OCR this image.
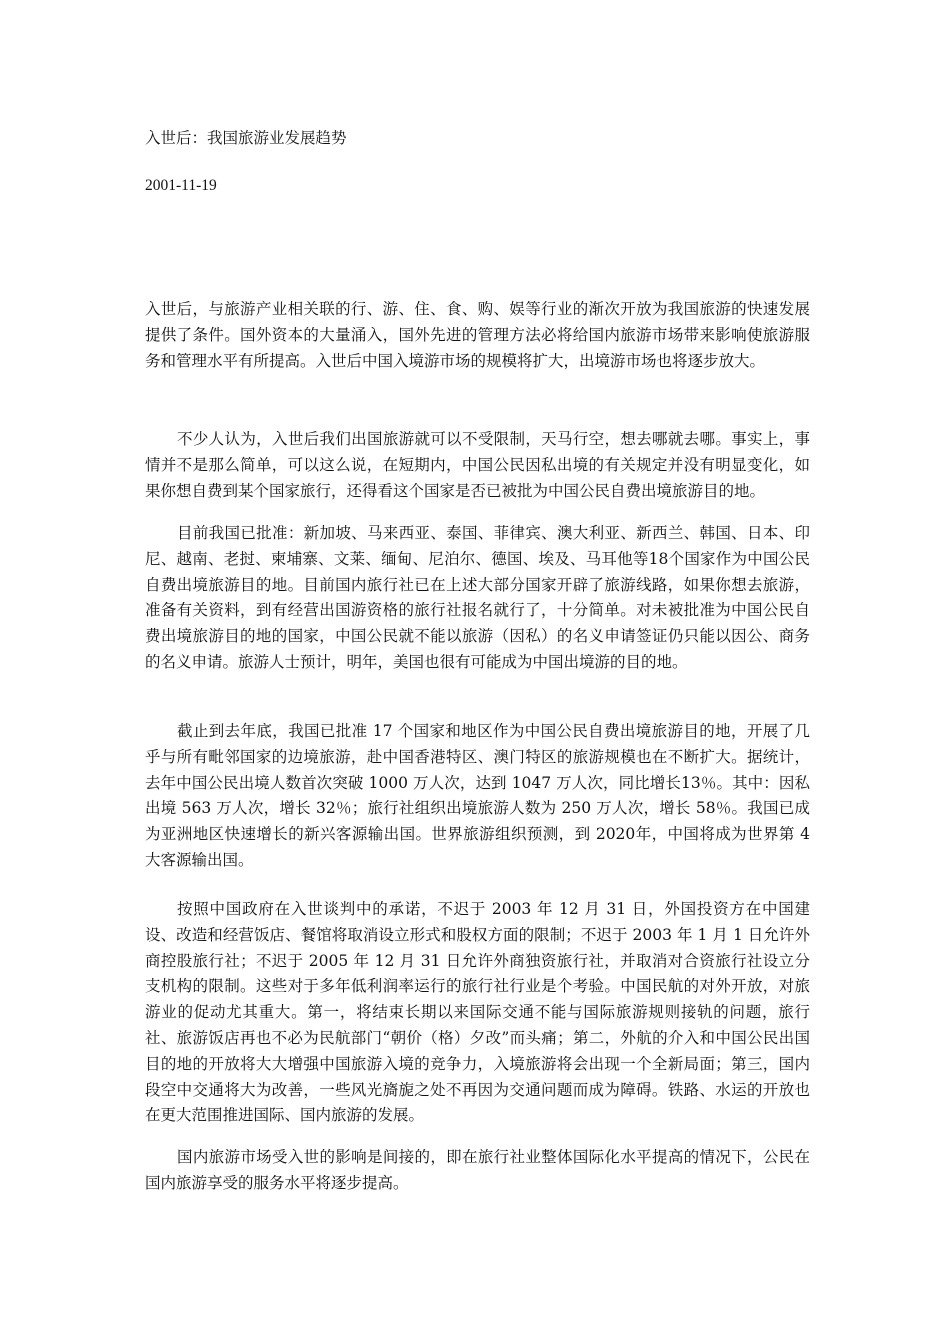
入世后：我国旅游业发展趋势

2001-11-19

入世后，与旅游产业相关联的行、游、住、食、购、娱等行业的渐次开放为我国旅游的快速发展提供了条件。国外资本的大量涌入，国外先进的管理方法必将给国内旅游市场带来影响使旅游服务和管理水平有所提高。入世后中国入境游市场的规模将扩大，出境游市场也将逐步放大。

不少人认为，入世后我们出国旅游就可以不受限制，天马行空，想去哪就去哪。事实上，事情并不是那么简单，可以这么说，在短期内，中国公民因私出境的有关规定并没有明显变化，如果你想自费到某个国家旅行，还得看这个国家是否已被批为中国公民自费出境旅游目的地。

目前我国已批准：新加坡、马来西亚、泰国、菲律宾、澳大利亚、新西兰、韩国、日本、印尼、越南、老挝、柬埔寨、文莱、缅甸、尼泊尔、德国、埃及、马耳他等18个国家作为中国公民自费出境旅游目的地。目前国内旅行社已在上述大部分国家开辟了旅游线路，如果你想去旅游，准备有关资料，到有经营出国游资格的旅行社报名就行了，十分简单。对未被批准为中国公民自费出境旅游目的地的国家，中国公民就不能以旅游（因私）的名义申请签证仍只能以因公、商务的名义申请。旅游人士预计，明年，美国也很有可能成为中国出境游的目的地。

截止到去年底，我国已批准 17 个国家和地区作为中国公民自费出境旅游目的地，开展了几乎与所有毗邻国家的边境旅游，赴中国香港特区、澳门特区的旅游规模也在不断扩大。据统计，去年中国公民出境人数首次突破 1000 万人次，达到 1047 万人次，同比增长13％。其中：因私出境 563 万人次，增长 32％；旅行社组织出境旅游人数为 250 万人次，增长 58％。我国已成为亚洲地区快速增长的新兴客源输出国。世界旅游组织预测，到 2020年，中国将成为世界第 4 大客源输出国。

按照中国政府在入世谈判中的承诺，不迟于 2003 年 12 月 31 日，外国投资方在中国建设、改造和经营饭店、餐馆将取消设立形式和股权方面的限制；不迟于 2003 年 1 月 1 日允许外商控股旅行社；不迟于 2005 年 12 月 31 日允许外商独资旅行社，并取消对合资旅行社设立分支机构的限制。这些对于多年低利润率运行的旅行社行业是个考验。中国民航的对外开放，对旅游业的促动尤其重大。第一，将结束长期以来国际交通不能与国际旅游规则接轨的问题，旅行社、旅游饭店再也不必为民航部门“朝价（格）夕改”而头痛；第二，外航的介入和中国公民出国目的地的开放将大大增强中国旅游入境的竞争力，入境旅游将会出现一个全新局面；第三，国内段空中交通将大为改善，一些风光旖旎之处不再因为交通问题而成为障碍。铁路、水运的开放也在更大范围推进国际、国内旅游的发展。

国内旅游市场受入世的影响是间接的，即在旅行社业整体国际化水平提高的情况下，公民在国内旅游享受的服务水平将逐步提高。
